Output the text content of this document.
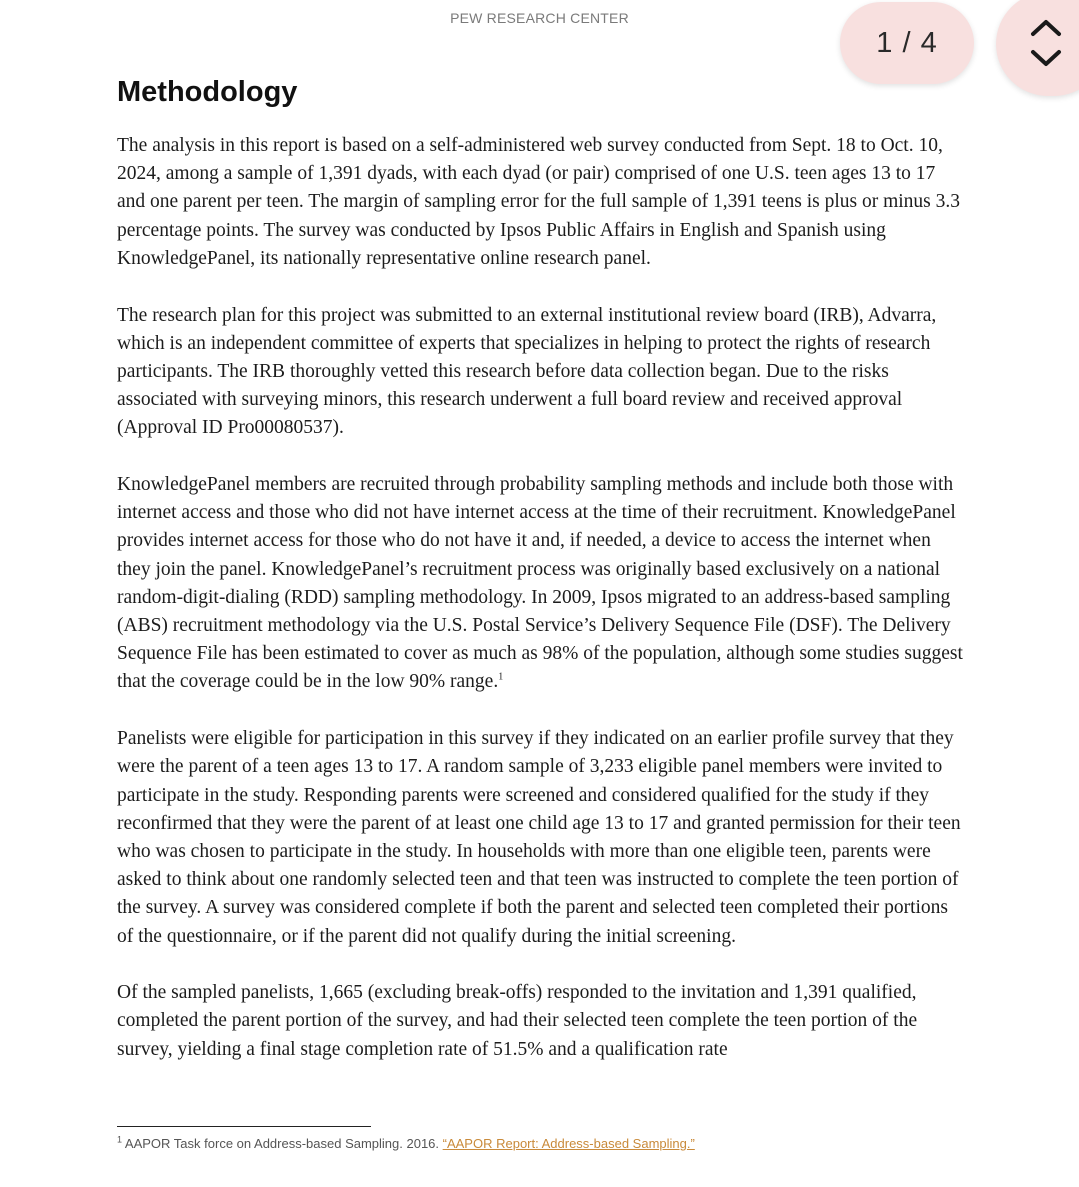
PEW RESEARCH CENTER
1 / 4
Methodology

The analysis in this report is based on a self-administered web survey conducted from Sept. 18 to Oct. 10, 2024, among a sample of 1,391 dyads, with each dyad (or pair) comprised of one U.S. teen ages 13 to 17 and one parent per teen. The margin of sampling error for the full sample of 1,391 teens is plus or minus 3.3 percentage points. The survey was conducted by Ipsos Public Affairs in English and Spanish using KnowledgePanel, its nationally representative online research panel.

The research plan for this project was submitted to an external institutional review board (IRB), Advarra, which is an independent committee of experts that specializes in helping to protect the rights of research participants. The IRB thoroughly vetted this research before data collection began. Due to the risks associated with surveying minors, this research underwent a full board review and received approval (Approval ID Pro00080537).

KnowledgePanel members are recruited through probability sampling methods and include both those with internet access and those who did not have internet access at the time of their recruitment. KnowledgePanel provides internet access for those who do not have it and, if needed, a device to access the internet when they join the panel. KnowledgePanel’s recruitment process was originally based exclusively on a national random-digit-dialing (RDD) sampling methodology. In 2009, Ipsos migrated to an address-based sampling (ABS) recruitment methodology via the U.S. Postal Service’s Delivery Sequence File (DSF). The Delivery Sequence File has been estimated to cover as much as 98% of the population, although some studies suggest that the coverage could be in the low 90% range.$^1$

Panelists were eligible for participation in this survey if they indicated on an earlier profile survey that they were the parent of a teen ages 13 to 17. A random sample of 3,233 eligible panel members were invited to participate in the study. Responding parents were screened and considered qualified for the study if they reconfirmed that they were the parent of at least one child age 13 to 17 and granted permission for their teen who was chosen to participate in the study. In households with more than one eligible teen, parents were asked to think about one randomly selected teen and that teen was instructed to complete the teen portion of the survey. A survey was considered complete if both the parent and selected teen completed their portions of the questionnaire, or if the parent did not qualify during the initial screening.

Of the sampled panelists, 1,665 (excluding break-offs) responded to the invitation and 1,391 qualified, completed the parent portion of the survey, and had their selected teen complete the teen portion of the survey, yielding a final stage completion rate of 51.5% and a qualification rate

$^1$ AAPOR Task force on Address-based Sampling. 2016. “AAPOR Report: Address-based Sampling.”
